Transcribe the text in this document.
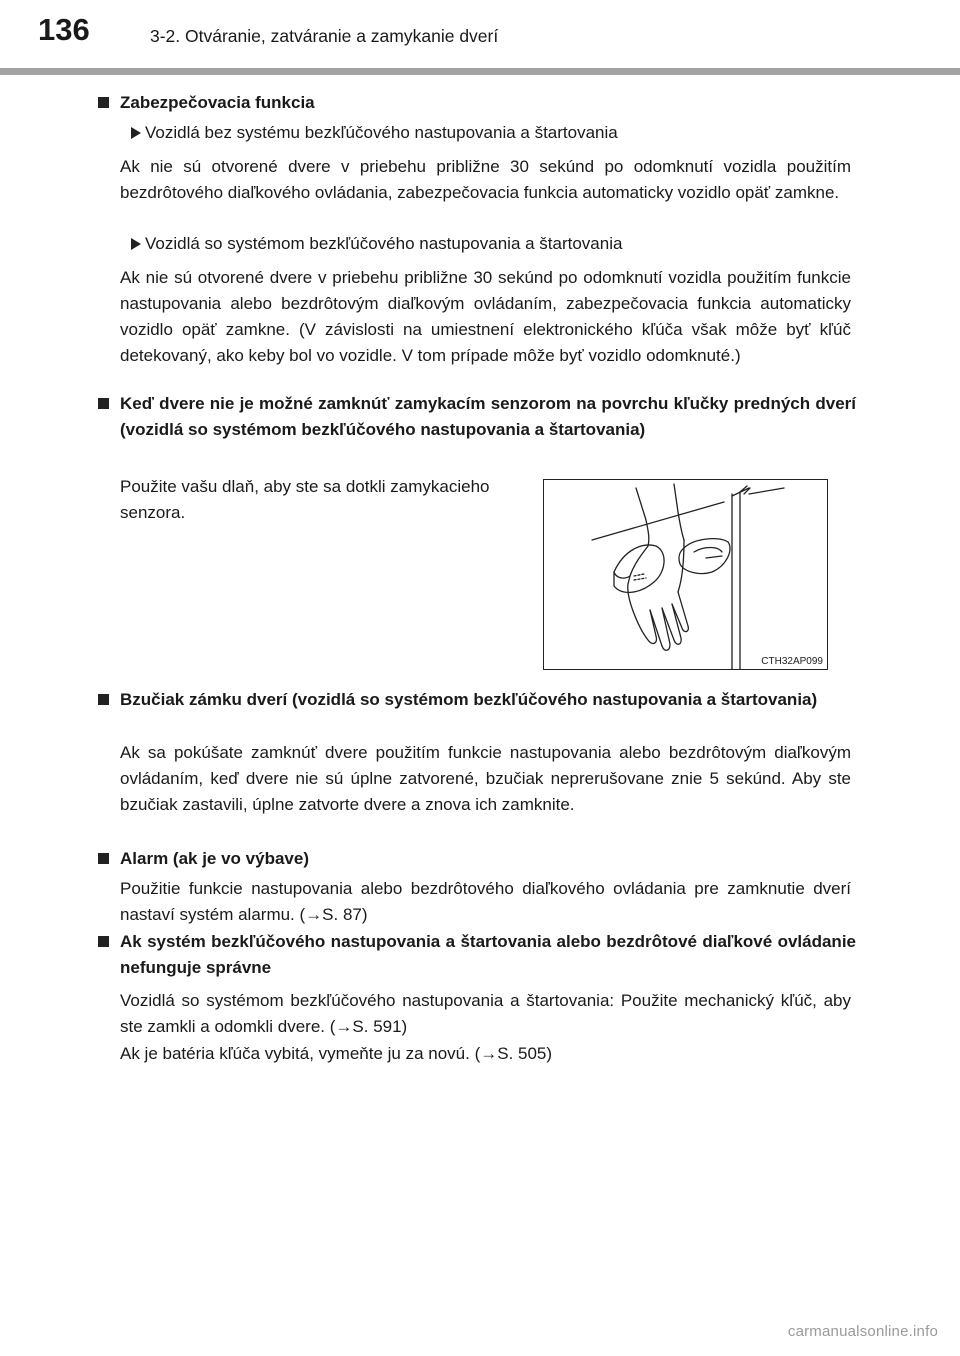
136	3-2. Otváranie, zatváranie a zamykanie dverí
Zabezpečovacia funkcia
Vozidlá bez systému bezkľúčového nastupovania a štartovania
Ak nie sú otvorené dvere v priebehu približne 30 sekúnd po odomknutí vozidla použitím bezdrôtového diaľkového ovládania, zabezpečovacia funkcia automaticky vozidlo opäť zamkne.
Vozidlá so systémom bezkľúčového nastupovania a štartovania
Ak nie sú otvorené dvere v priebehu približne 30 sekúnd po odomknutí vozidla použitím funkcie nastupovania alebo bezdrôtovým diaľkovým ovládaním, zabezpečovacia funkcia automaticky vozidlo opäť zamkne. (V závislosti na umiestnení elektronického kľúča však môže byť kľúč detekovaný, ako keby bol vo vozidle. V tom prípade môže byť vozidlo odomknuté.)
Keď dvere nie je možné zamknúť zamykacím senzorom na povrchu kľučky predných dverí (vozidlá so systémom bezkľúčového nastupovania a štartovania)
Použite vašu dlaň, aby ste sa dotkli zamykacieho senzora.
CTH32AP099
Bzučiak zámku dverí (vozidlá so systémom bezkľúčového nastupovania a štartovania)
Ak sa pokúšate zamknúť dvere použitím funkcie nastupovania alebo bezdrôtovým diaľkovým ovládaním, keď dvere nie sú úplne zatvorené, bzučiak neprerušovane znie 5 sekúnd. Aby ste bzučiak zastavili, úplne zatvorte dvere a znova ich zamknite.
Alarm (ak je vo výbave)
Použitie funkcie nastupovania alebo bezdrôtového diaľkového ovládania pre zamknutie dverí nastaví systém alarmu. (→S. 87)
Ak systém bezkľúčového nastupovania a štartovania alebo bezdrôtové diaľkové ovládanie nefunguje správne
Vozidlá so systémom bezkľúčového nastupovania a štartovania: Použite mechanický kľúč, aby ste zamkli a odomkli dvere. (→S. 591)
Ak je batéria kľúča vybitá, vymeňte ju za novú. (→S. 505)
carmanualsonline.info
